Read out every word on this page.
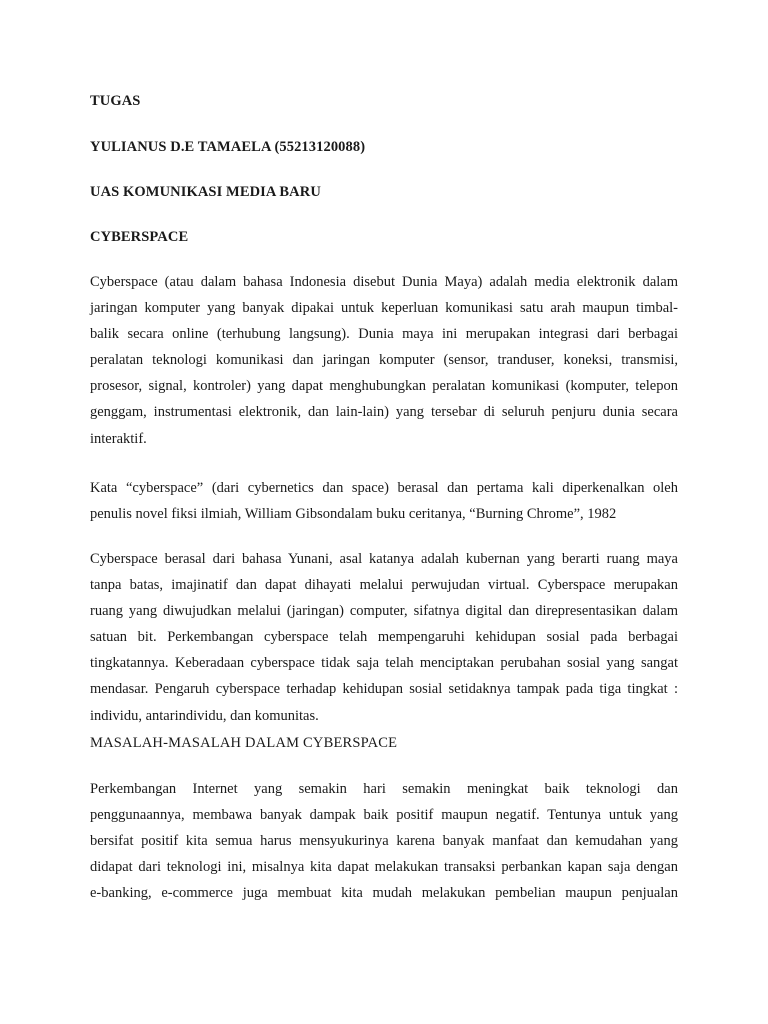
TUGAS
YULIANUS D.E TAMAELA (55213120088)
UAS KOMUNIKASI MEDIA BARU
CYBERSPACE
Cyberspace (atau dalam bahasa Indonesia disebut Dunia Maya) adalah media elektronik dalam
jaringan komputer yang banyak dipakai untuk keperluan komunikasi satu arah maupun timbal-
balik secara online (terhubung langsung). Dunia maya ini merupakan integrasi dari berbagai
peralatan teknologi komunikasi dan jaringan komputer (sensor, tranduser, koneksi, transmisi,
prosesor, signal, kontroler) yang dapat menghubungkan peralatan komunikasi (komputer, telepon
genggam, instrumentasi elektronik, dan lain-lain) yang tersebar di seluruh penjuru dunia secara
interaktif.
Kata “cyberspace” (dari cybernetics dan space) berasal dan pertama kali diperkenalkan oleh
penulis novel fiksi ilmiah, William Gibsondalam buku ceritanya, “Burning Chrome”, 1982
Cyberspace berasal dari bahasa Yunani, asal katanya adalah kubernan yang berarti ruang maya
tanpa batas, imajinatif dan dapat dihayati melalui perwujudan virtual. Cyberspace merupakan
ruang yang diwujudkan melalui (jaringan) computer, sifatnya digital dan direpresentasikan dalam
satuan bit. Perkembangan cyberspace telah mempengaruhi kehidupan sosial pada berbagai
tingkatannya. Keberadaan cyberspace tidak saja telah menciptakan perubahan sosial yang sangat
mendasar. Pengaruh cyberspace terhadap kehidupan sosial setidaknya tampak pada tiga tingkat :
individu, antarindividu, dan komunitas.
MASALAH-MASALAH DALAM CYBERSPACE
Perkembangan Internet yang semakin hari semakin meningkat baik teknologi dan
penggunaannya, membawa banyak dampak baik positif maupun negatif. Tentunya untuk yang
bersifat positif kita semua harus mensyukurinya karena banyak manfaat dan kemudahan yang
didapat dari teknologi ini, misalnya kita dapat melakukan transaksi perbankan kapan saja dengan
e-banking, e-commerce juga membuat kita mudah melakukan pembelian maupun penjualan
